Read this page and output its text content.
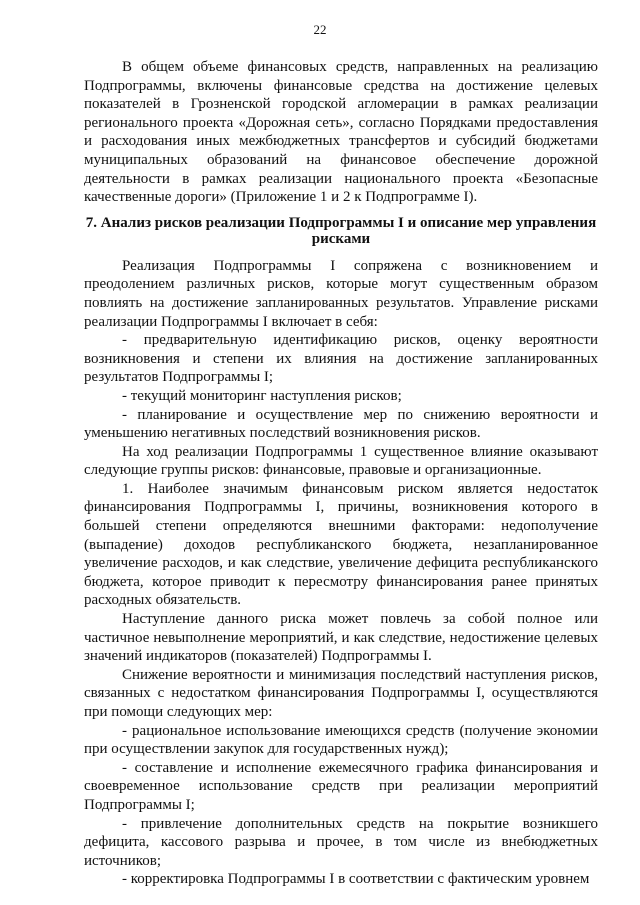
22

В общем объеме финансовых средств, направленных на реализацию Подпрограммы, включены финансовые средства на достижение целевых показателей в Грозненской городской агломерации в рамках реализации регионального проекта «Дорожная сеть», согласно Порядками предоставления и расходования иных межбюджетных трансфертов и субсидий бюджетами муниципальных образований на финансовое обеспечение дорожной деятельности в рамках реализации национального проекта «Безопасные качественные дороги» (Приложение 1 и 2 к Подпрограмме I).

7. Анализ рисков реализации Подпрограммы I и описание мер управления рисками

Реализация Подпрограммы I сопряжена с возникновением и преодолением различных рисков, которые могут существенным образом повлиять на достижение запланированных результатов. Управление рисками реализации Подпрограммы I включает в себя:

- предварительную идентификацию рисков, оценку вероятности возникновения и степени их влияния на достижение запланированных результатов Подпрограммы I;

- текущий мониторинг наступления рисков;

- планирование и осуществление мер по снижению вероятности и уменьшению негативных последствий возникновения рисков.

На ход реализации Подпрограммы 1 существенное влияние оказывают следующие группы рисков: финансовые, правовые и организационные.

1. Наиболее значимым финансовым риском является недостаток финансирования Подпрограммы I, причины, возникновения которого в большей степени определяются внешними факторами: недополучение (выпадение) доходов республиканского бюджета, незапланированное увеличение расходов, и как следствие, увеличение дефицита республиканского бюджета, которое приводит к пересмотру финансирования ранее принятых расходных обязательств.

Наступление данного риска может повлечь за собой полное или частичное невыполнение мероприятий, и как следствие, недостижение целевых значений индикаторов (показателей) Подпрограммы I.

Снижение вероятности и минимизация последствий наступления рисков, связанных с недостатком финансирования Подпрограммы I, осуществляются при помощи следующих мер:

- рациональное использование имеющихся средств (получение экономии при осуществлении закупок для государственных нужд);

- составление и исполнение ежемесячного графика финансирования и своевременное использование средств при реализации мероприятий Подпрограммы I;

- привлечение дополнительных средств на покрытие возникшего дефицита, кассового разрыва и прочее, в том числе из внебюджетных источников;

- корректировка Подпрограммы I в соответствии с фактическим уровнем
